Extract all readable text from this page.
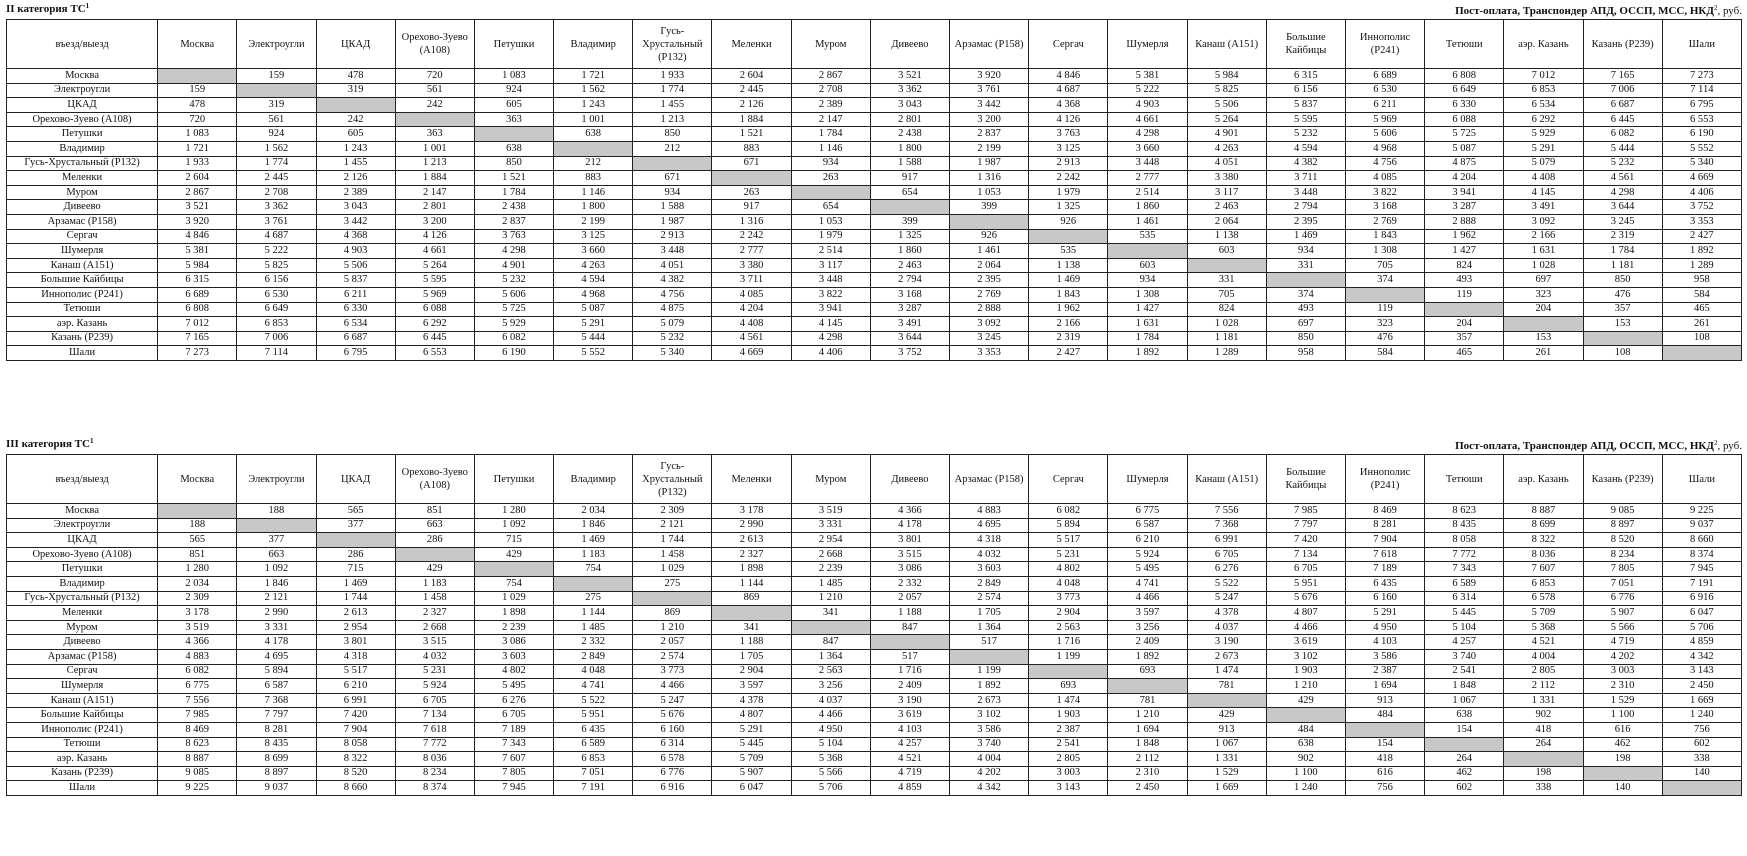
II категория $ТС^1$	Пост-оплата, Транспондер АПД, ОССП, МСС, НКД$^2$, руб.
въезд/выезд	Москва	Электроугли	ЦКАД	Орехово-Зуево (А108)	Петушки	Владимир	Гусь-Хрустальный (Р132)	Меленки	Муром	Дивеево	Арзамас (Р158)	Сергач	Шумерля	Канаш (А151)	Большие Кайбицы	Иннополис (Р241)	Тетюши	аэр. Казань	Казань (Р239)	Шали
Москва		159	478	720	1 083	1 721	1 933	2 604	2 867	3 521	3 920	4 846	5 381	5 984	6 315	6 689	6 808	7 012	7 165	7 273
Электроугли	159		319	561	924	1 562	1 774	2 445	2 708	3 362	3 761	4 687	5 222	5 825	6 156	6 530	6 649	6 853	7 006	7 114
ЦКАД	478	319		242	605	1 243	1 455	2 126	2 389	3 043	3 442	4 368	4 903	5 506	5 837	6 211	6 330	6 534	6 687	6 795
Орехово-Зуево (А108)	720	561	242		363	1 001	1 213	1 884	2 147	2 801	3 200	4 126	4 661	5 264	5 595	5 969	6 088	6 292	6 445	6 553
Петушки	1 083	924	605	363		638	850	1 521	1 784	2 438	2 837	3 763	4 298	4 901	5 232	5 606	5 725	5 929	6 082	6 190
Владимир	1 721	1 562	1 243	1 001	638		212	883	1 146	1 800	2 199	3 125	3 660	4 263	4 594	4 968	5 087	5 291	5 444	5 552
Гусь-Хрустальный (Р132)	1 933	1 774	1 455	1 213	850	212		671	934	1 588	1 987	2 913	3 448	4 051	4 382	4 756	4 875	5 079	5 232	5 340
Меленки	2 604	2 445	2 126	1 884	1 521	883	671		263	917	1 316	2 242	2 777	3 380	3 711	4 085	4 204	4 408	4 561	4 669
Муром	2 867	2 708	2 389	2 147	1 784	1 146	934	263		654	1 053	1 979	2 514	3 117	3 448	3 822	3 941	4 145	4 298	4 406
Дивеево	3 521	3 362	3 043	2 801	2 438	1 800	1 588	917	654		399	1 325	1 860	2 463	2 794	3 168	3 287	3 491	3 644	3 752
Арзамас (Р158)	3 920	3 761	3 442	3 200	2 837	2 199	1 987	1 316	1 053	399		926	1 461	2 064	2 395	2 769	2 888	3 092	3 245	3 353
Сергач	4 846	4 687	4 368	4 126	3 763	3 125	2 913	2 242	1 979	1 325	926		535	1 138	1 469	1 843	1 962	2 166	2 319	2 427
Шумерля	5 381	5 222	4 903	4 661	4 298	3 660	3 448	2 777	2 514	1 860	1 461	535		603	934	1 308	1 427	1 631	1 784	1 892
Канаш (А151)	5 984	5 825	5 506	5 264	4 901	4 263	4 051	3 380	3 117	2 463	2 064	1 138	603		331	705	824	1 028	1 181	1 289
Большие Кайбицы	6 315	6 156	5 837	5 595	5 232	4 594	4 382	3 711	3 448	2 794	2 395	1 469	934	331		374	493	697	850	958
Иннополис (Р241)	6 689	6 530	6 211	5 969	5 606	4 968	4 756	4 085	3 822	3 168	2 769	1 843	1 308	705	374		119	323	476	584
Тетюши	6 808	6 649	6 330	6 088	5 725	5 087	4 875	4 204	3 941	3 287	2 888	1 962	1 427	824	493	119		204	357	465
аэр. Казань	7 012	6 853	6 534	6 292	5 929	5 291	5 079	4 408	4 145	3 491	3 092	2 166	1 631	1 028	697	323	204		153	261
Казань (Р239)	7 165	7 006	6 687	6 445	6 082	5 444	5 232	4 561	4 298	3 644	3 245	2 319	1 784	1 181	850	476	357	153		108
Шали	7 273	7 114	6 795	6 553	6 190	5 552	5 340	4 669	4 406	3 752	3 353	2 427	1 892	1 289	958	584	465	261	108	
III категория $ТС^1$	Пост-оплата, Транспондер АПД, ОССП, МСС, НКД$^2$, руб.
въезд/выезд	Москва	Электроугли	ЦКАД	Орехово-Зуево (А108)	Петушки	Владимир	Гусь-Хрустальный (Р132)	Меленки	Муром	Дивеево	Арзамас (Р158)	Сергач	Шумерля	Канаш (А151)	Большие Кайбицы	Иннополис (Р241)	Тетюши	аэр. Казань	Казань (Р239)	Шали
Москва		188	565	851	1 280	2 034	2 309	3 178	3 519	4 366	4 883	6 082	6 775	7 556	7 985	8 469	8 623	8 887	9 085	9 225
Электроугли	188		377	663	1 092	1 846	2 121	2 990	3 331	4 178	4 695	5 894	6 587	7 368	7 797	8 281	8 435	8 699	8 897	9 037
ЦКАД	565	377		286	715	1 469	1 744	2 613	2 954	3 801	4 318	5 517	6 210	6 991	7 420	7 904	8 058	8 322	8 520	8 660
Орехово-Зуево (А108)	851	663	286		429	1 183	1 458	2 327	2 668	3 515	4 032	5 231	5 924	6 705	7 134	7 618	7 772	8 036	8 234	8 374
Петушки	1 280	1 092	715	429		754	1 029	1 898	2 239	3 086	3 603	4 802	5 495	6 276	6 705	7 189	7 343	7 607	7 805	7 945
Владимир	2 034	1 846	1 469	1 183	754		275	1 144	1 485	2 332	2 849	4 048	4 741	5 522	5 951	6 435	6 589	6 853	7 051	7 191
Гусь-Хрустальный (Р132)	2 309	2 121	1 744	1 458	1 029	275		869	1 210	2 057	2 574	3 773	4 466	5 247	5 676	6 160	6 314	6 578	6 776	6 916
Меленки	3 178	2 990	2 613	2 327	1 898	1 144	869		341	1 188	1 705	2 904	3 597	4 378	4 807	5 291	5 445	5 709	5 907	6 047
Муром	3 519	3 331	2 954	2 668	2 239	1 485	1 210	341		847	1 364	2 563	3 256	4 037	4 466	4 950	5 104	5 368	5 566	5 706
Дивеево	4 366	4 178	3 801	3 515	3 086	2 332	2 057	1 188	847		517	1 716	2 409	3 190	3 619	4 103	4 257	4 521	4 719	4 859
Арзамас (Р158)	4 883	4 695	4 318	4 032	3 603	2 849	2 574	1 705	1 364	517		1 199	1 892	2 673	3 102	3 586	3 740	4 004	4 202	4 342
Сергач	6 082	5 894	5 517	5 231	4 802	4 048	3 773	2 904	2 563	1 716	1 199		693	1 474	1 903	2 387	2 541	2 805	3 003	3 143
Шумерля	6 775	6 587	6 210	5 924	5 495	4 741	4 466	3 597	3 256	2 409	1 892	693		781	1 210	1 694	1 848	2 112	2 310	2 450
Канаш (А151)	7 556	7 368	6 991	6 705	6 276	5 522	5 247	4 378	4 037	3 190	2 673	1 474	781		429	913	1 067	1 331	1 529	1 669
Большие Кайбицы	7 985	7 797	7 420	7 134	6 705	5 951	5 676	4 807	4 466	3 619	3 102	1 903	1 210	429		484	638	902	1 100	1 240
Иннополис (Р241)	8 469	8 281	7 904	7 618	7 189	6 435	6 160	5 291	4 950	4 103	3 586	2 387	1 694	913	484		154	418	616	756
Тетюши	8 623	8 435	8 058	7 772	7 343	6 589	6 314	5 445	5 104	4 257	3 740	2 541	1 848	1 067	638	154		264	462	602
аэр. Казань	8 887	8 699	8 322	8 036	7 607	6 853	6 578	5 709	5 368	4 521	4 004	2 805	2 112	1 331	902	418	264		198	338
Казань (Р239)	9 085	8 897	8 520	8 234	7 805	7 051	6 776	5 907	5 566	4 719	4 202	3 003	2 310	1 529	1 100	616	462	198		140
Шали	9 225	9 037	8 660	8 374	7 945	7 191	6 916	6 047	5 706	4 859	4 342	3 143	2 450	1 669	1 240	756	602	338	140	
